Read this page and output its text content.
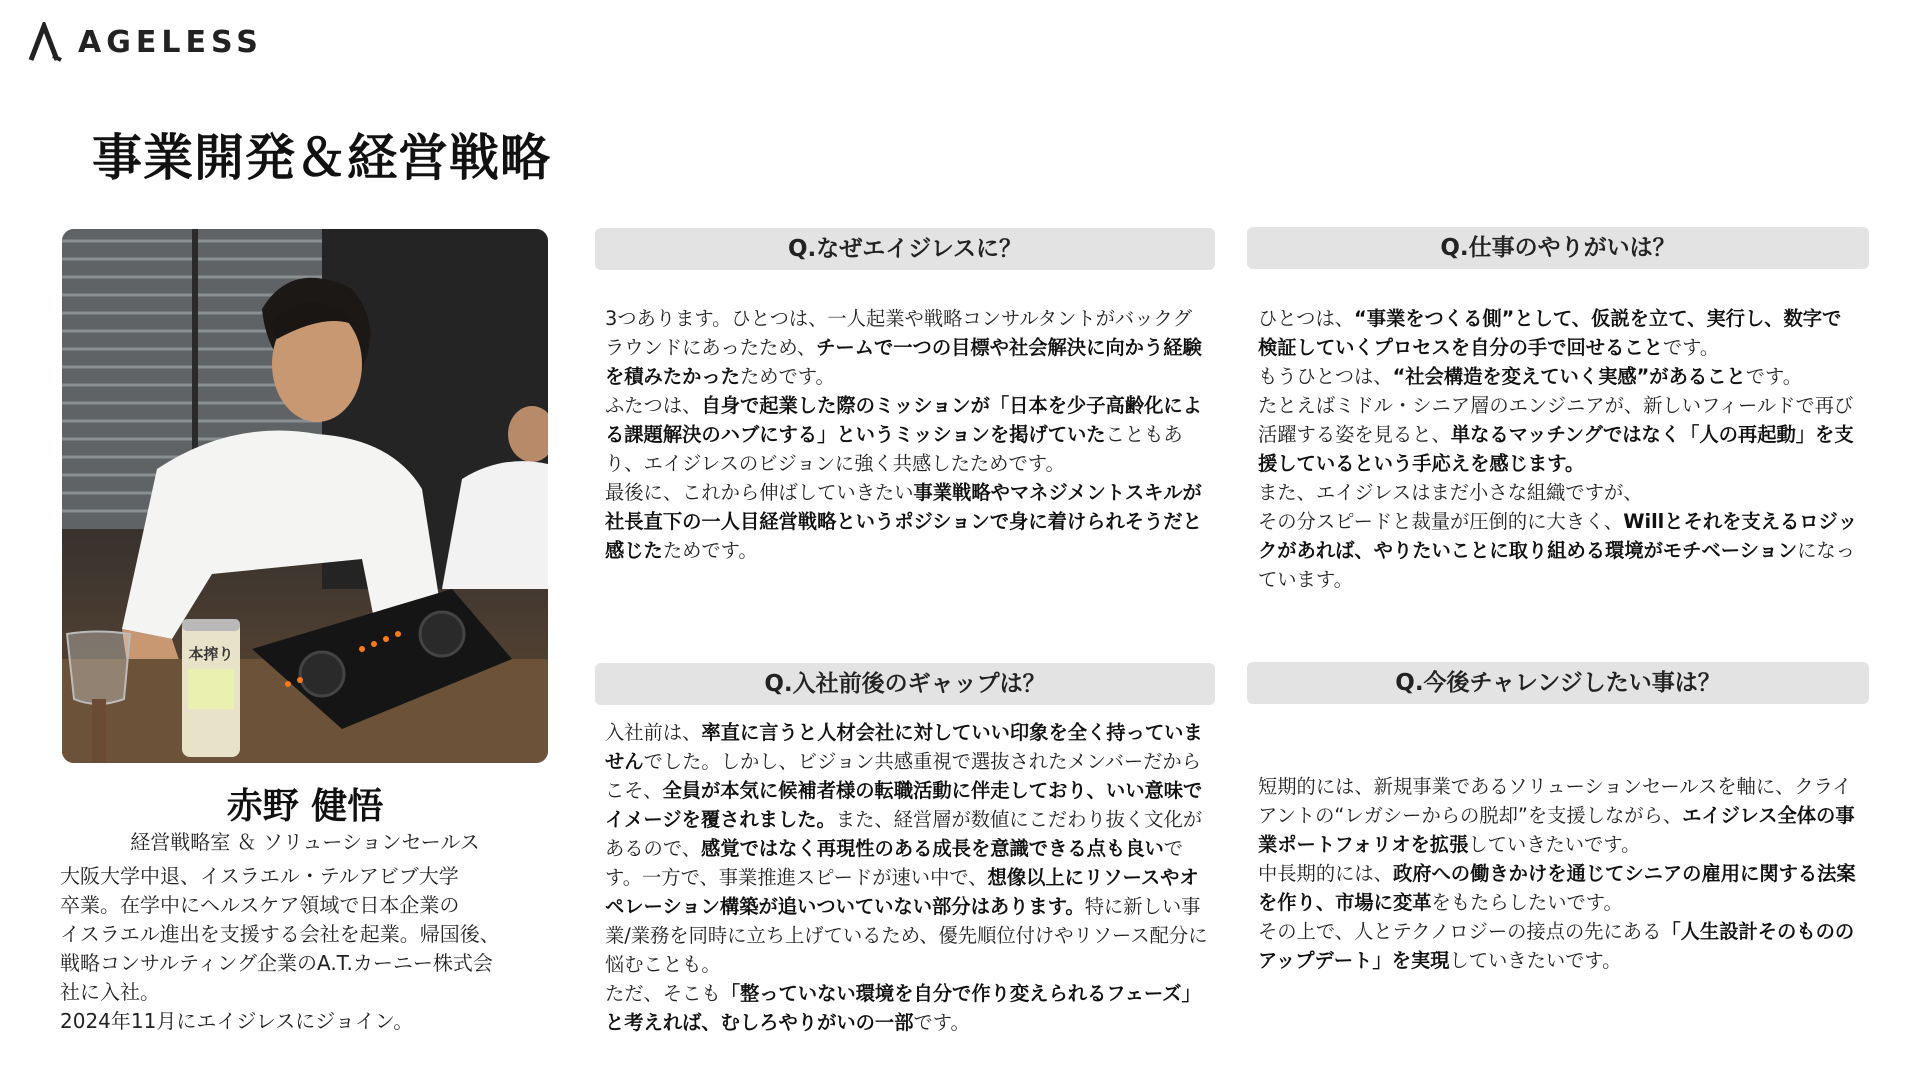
AGELESS
事業開発＆経営戦略
本搾り
赤野 健悟
経営戦略室 ＆ ソリューションセールス

大阪大学中退、イスラエル・テルアビブ大学
卒業。在学中にヘルスケア領域で日本企業の
イスラエル進出を支援する会社を起業。帰国後、
戦略コンサルティング企業のA.T.カーニー株式会
社に入社。
2024年11月にエイジレスにジョイン。

Q.なぜエイジレスに？

3つあります。ひとつは、一人起業や戦略コンサルタントがバックグラウンドにあったため、チームで一つの目標や社会解決に向かう経験を積みたかったためです。

ふたつは、自身で起業した際のミッションが「日本を少子高齢化による課題解決のハブにする」というミッションを掲げていたこともあり、エイジレスのビジョンに強く共感したためです。

最後に、これから伸ばしていきたい事業戦略やマネジメントスキルが社長直下の一人目経営戦略というポジションで身に着けられそうだと感じたためです。

Q.仕事のやりがいは？

ひとつは、“事業をつくる側”として、仮説を立て、実行し、数字で検証していくプロセスを自分の手で回せることです。

もうひとつは、“社会構造を変えていく実感”があることです。

たとえばミドル・シニア層のエンジニアが、新しいフィールドで再び活躍する姿を見ると、単なるマッチングではなく「人の再起動」を支援しているという手応えを感じます。

また、エイジレスはまだ小さな組織ですが、

その分スピードと裁量が圧倒的に大きく、Willとそれを支えるロジックがあれば、やりたいことに取り組める環境がモチベーションになっています。

Q.入社前後のギャップは？

入社前は、率直に言うと人材会社に対していい印象を全く持っていませんでした。しかし、ビジョン共感重視で選抜されたメンバーだからこそ、全員が本気に候補者様の転職活動に伴走しており、いい意味でイメージを覆されました。また、経営層が数値にこだわり抜く文化があるので、感覚ではなく再現性のある成長を意識できる点も良いです。一方で、事業推進スピードが速い中で、想像以上にリソースやオペレーション構築が追いついていない部分はあります。特に新しい事業/業務を同時に立ち上げているため、優先順位付けやリソース配分に悩むことも。

ただ、そこも「整っていない環境を自分で作り変えられるフェーズ」と考えれば、むしろやりがいの一部です。

Q.今後チャレンジしたい事は？

短期的には、新規事業であるソリューションセールスを軸に、クライアントの“レガシーからの脱却”を支援しながら、エイジレス全体の事業ポートフォリオを拡張していきたいです。

中長期的には、政府への働きかけを通じてシニアの雇用に関する法案を作り、市場に変革をもたらしたいです。

その上で、人とテクノロジーの接点の先にある「人生設計そのもののアップデート」を実現していきたいです。
